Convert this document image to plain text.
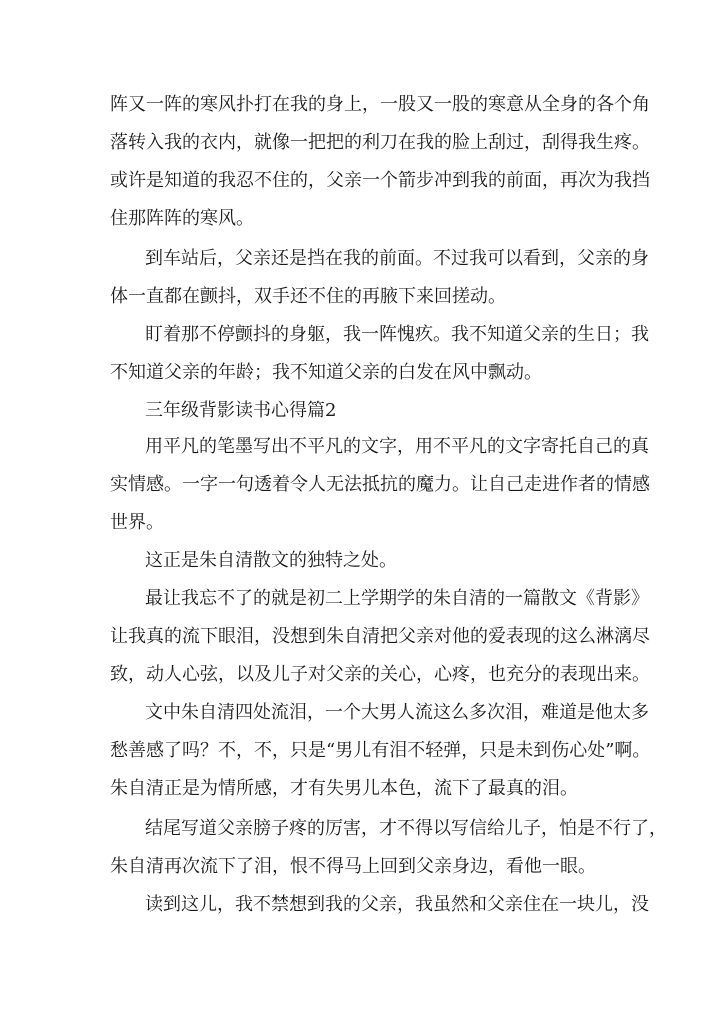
阵又一阵的寒风扑打在我的身上，一股又一股的寒意从全身的各个角
落转入我的衣内，就像一把把的利刀在我的脸上刮过，刮得我生疼。
或许是知道的我忍不住的，父亲一个箭步冲到我的前面，再次为我挡
住那阵阵的寒风。
到车站后，父亲还是挡在我的前面。不过我可以看到，父亲的身
体一直都在颤抖，双手还不住的再腋下来回搓动。
盯着那不停颤抖的身躯，我一阵愧疚。我不知道父亲的生日；我
不知道父亲的年龄；我不知道父亲的白发在风中飘动。
三年级背影读书心得篇2
用平凡的笔墨写出不平凡的文字，用不平凡的文字寄托自己的真
实情感。一字一句透着令人无法抵抗的魔力。让自己走进作者的情感
世界。
这正是朱自清散文的独特之处。
最让我忘不了的就是初二上学期学的朱自清的一篇散文《背影》
让我真的流下眼泪，没想到朱自清把父亲对他的爱表现的这么淋漓尽
致，动人心弦，以及儿子对父亲的关心，心疼，也充分的表现出来。
文中朱自清四处流泪，一个大男人流这么多次泪，难道是他太多
愁善感了吗？不，不，只是“男儿有泪不轻弹，只是未到伤心处”啊。
朱自清正是为情所感，才有失男儿本色，流下了最真的泪。
结尾写道父亲膀子疼的厉害，才不得以写信给儿子，怕是不行了，
朱自清再次流下了泪，恨不得马上回到父亲身边，看他一眼。
读到这儿，我不禁想到我的父亲，我虽然和父亲住在一块儿，没
